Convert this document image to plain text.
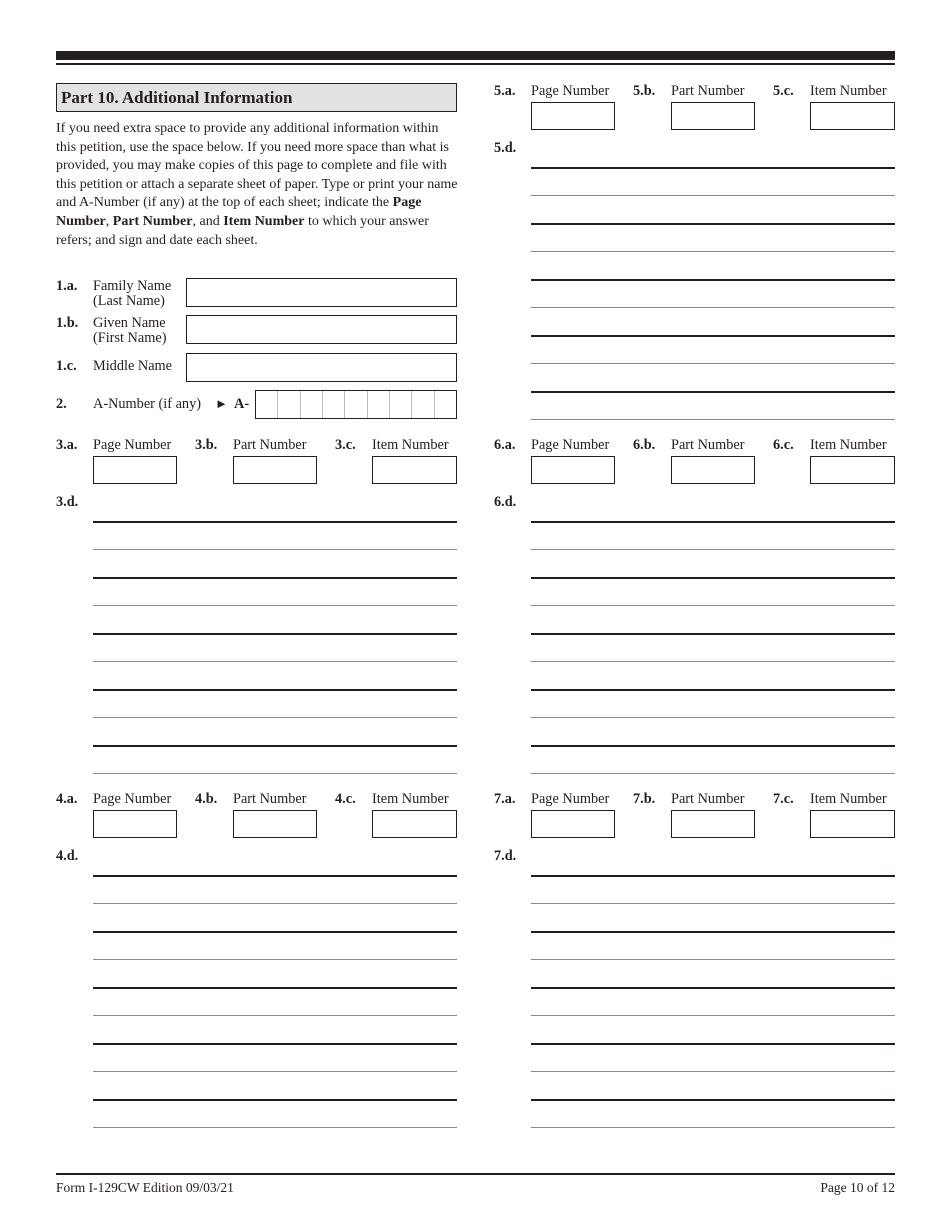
Part 10. Additional Information
If you need extra space to provide any additional information within this petition, use the space below. If you need more space than what is provided, you may make copies of this page to complete and file with this petition or attach a separate sheet of paper. Type or print your name and A-Number (if any) at the top of each sheet; indicate the Page Number, Part Number, and Item Number to which your answer refers; and sign and date each sheet.
1.a. Family Name
(Last Name)
1.b. Given Name
(First Name)
1.c. Middle Name
2. A-Number (if any) ► A-
3.a. Page Number 3.b. Part Number 3.c. Item Number
3.d.
4.a. Page Number 4.b. Part Number 4.c. Item Number
4.d.
5.a. Page Number 5.b. Part Number 5.c. Item Number
5.d.
6.a. Page Number 6.b. Part Number 6.c. Item Number
6.d.
7.a. Page Number 7.b. Part Number 7.c. Item Number
7.d.
Form I-129CW Edition 09/03/21	Page 10 of 12
